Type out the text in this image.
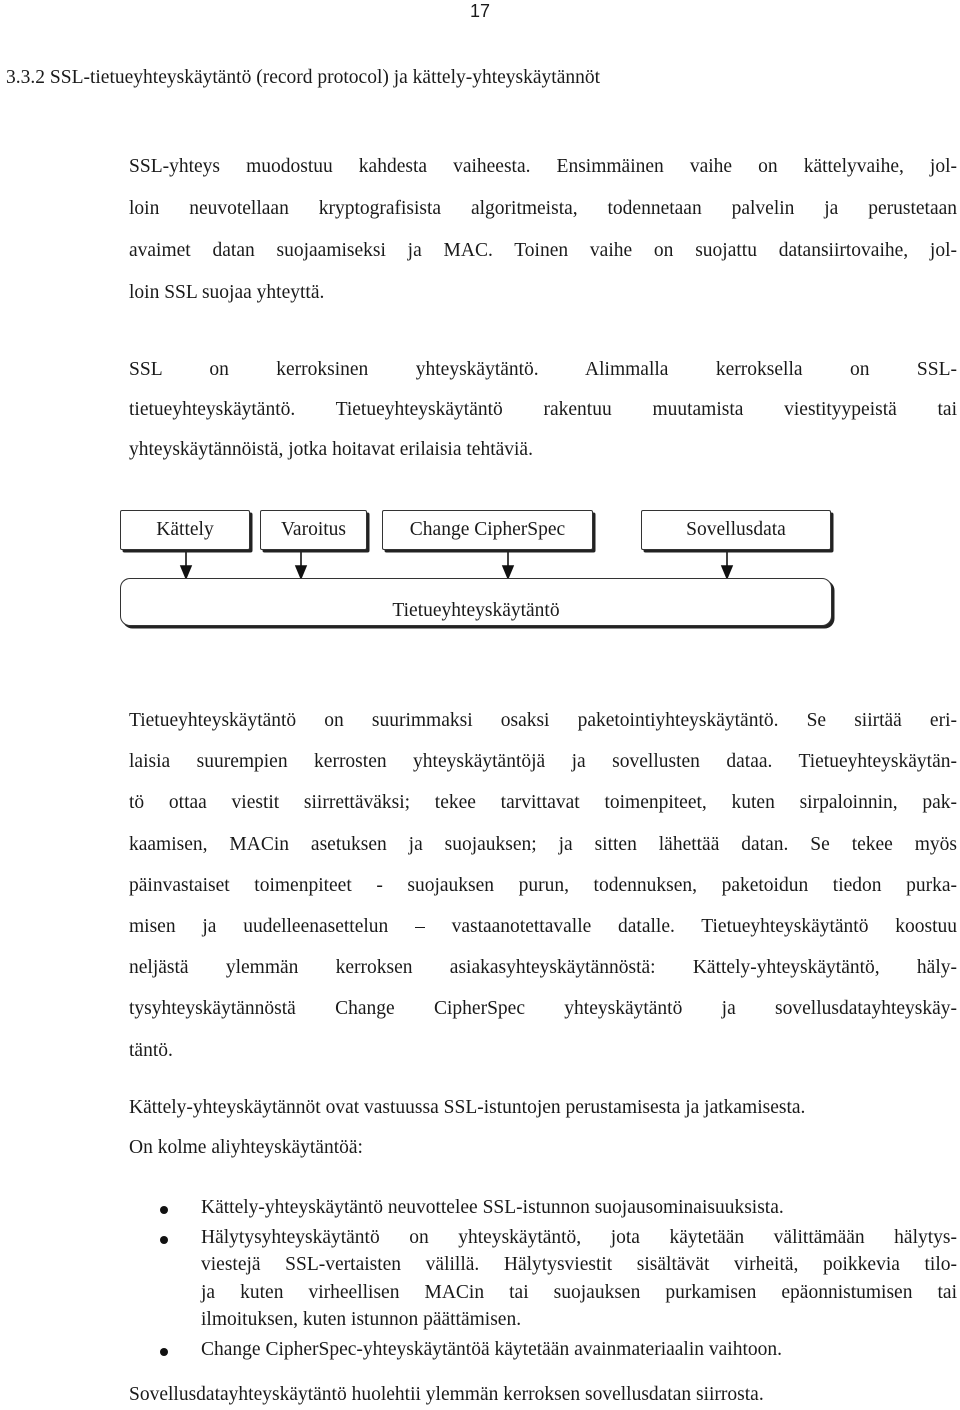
17
3.3.2 SSL-tietueyhteyskäytäntö (record protocol) ja kättely-yhteyskäytännöt
SSL-yhteys muodostuu kahdesta vaiheesta. Ensimmäinen vaihe on kättelyvaihe, jol-
loin neuvotellaan kryptografisista algoritmeista, todennetaan palvelin ja perustetaan
avaimet datan suojaamiseksi ja MAC. Toinen vaihe on suojattu datansiirtovaihe, jol-
loin SSL suojaa yhteyttä.
SSL on kerroksinen yhteyskäytäntö. Alimmalla kerroksella on SSL-
tietueyhteyskäytäntö. Tietueyhteyskäytäntö rakentuu muutamista viestityypeistä tai
yhteyskäytännöistä, jotka hoitavat erilaisia tehtäviä.
Kättely	Varoitus	Change CipherSpec	Sovellusdata
Tietueyhteyskäytäntö
Tietueyhteyskäytäntö on suurimmaksi osaksi paketointiyhteyskäytäntö. Se siirtää eri-
laisia suurempien kerrosten yhteyskäytäntöjä ja sovellusten dataa. Tietueyhteyskäytän-
tö ottaa viestit siirrettäväksi; tekee tarvittavat toimenpiteet, kuten sirpaloinnin, pak-
kaamisen, MACin asetuksen ja suojauksen; ja sitten lähettää datan. Se tekee myös
päinvastaiset toimenpiteet - suojauksen purun, todennuksen, paketoidun tiedon purka-
misen ja uudelleenasettelun – vastaanotettavalle datalle. Tietueyhteyskäytäntö koostuu
neljästä ylemmän kerroksen asiakasyhteyskäytännöstä: Kättely-yhteyskäytäntö, häly-
tysyhteyskäytännöstä Change CipherSpec yhteyskäytäntö ja sovellusdatayhteyskäy-
täntö.
Kättely-yhteyskäytännöt ovat vastuussa SSL-istuntojen perustamisesta ja jatkamisesta.
On kolme aliyhteyskäytäntöä:
Kättely-yhteyskäytäntö neuvottelee SSL-istunnon suojausominaisuuksista.
Hälytysyhteyskäytäntö on yhteyskäytäntö, jota käytetään välittämään hälytys-
viestejä SSL-vertaisten välillä. Hälytysviestit sisältävät virheitä, poikkevia tilo-
ja kuten virheellisen MACin tai suojauksen purkamisen epäonnistumisen tai
ilmoituksen, kuten istunnon päättämisen.
Change CipherSpec-yhteyskäytäntöä käytetään avainmateriaalin vaihtoon.
Sovellusdatayhteyskäytäntö huolehtii ylemmän kerroksen sovellusdatan siirrosta.
